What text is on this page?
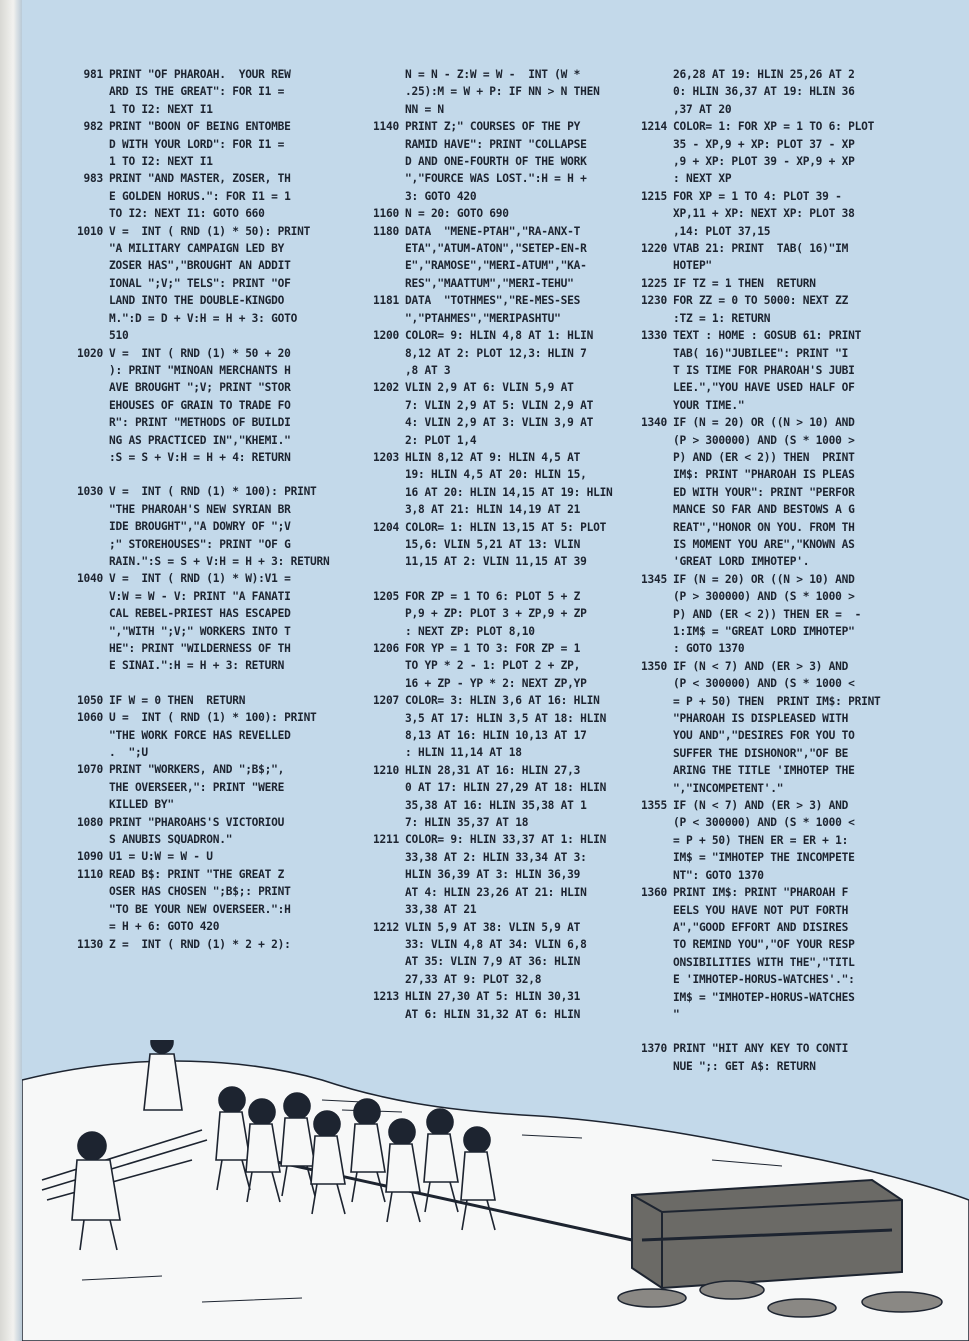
981 PRINT "OF PHAROAH.  YOUR REW
ARD IS THE GREAT": FOR I1 =
1 TO I2: NEXT I1
982 PRINT "BOON OF BEING ENTOMBE
D WITH YOUR LORD": FOR I1 =
1 TO I2: NEXT I1
983 PRINT "AND MASTER, ZOSER, TH
E GOLDEN HORUS.": FOR I1 = 1
TO I2: NEXT I1: GOTO 660
1010 V =  INT ( RND (1) * 50): PRINT
"A MILITARY CAMPAIGN LED BY
ZOSER HAS","BROUGHT AN ADDIT
IONAL ";V;" TELS": PRINT "OF
LAND INTO THE DOUBLE-KINGDO
M.":D = D + V:H = H + 3: GOTO
510
1020 V =  INT ( RND (1) * 50 + 20
): PRINT "MINOAN MERCHANTS H
AVE BROUGHT ";V; PRINT "STOR
EHOUSES OF GRAIN TO TRADE FO
R": PRINT "METHODS OF BUILDI
NG AS PRACTICED IN","KHEMI."
:S = S + V:H = H + 4: RETURN
1030 V =  INT ( RND (1) * 100): PRINT
"THE PHAROAH'S NEW SYRIAN BR
IDE BROUGHT","A DOWRY OF ";V
;" STOREHOUSES": PRINT "OF G
RAIN.":S = S + V:H = H + 3: RETURN
1040 V =  INT ( RND (1) * W):V1 =
V:W = W - V: PRINT "A FANATI
CAL REBEL-PRIEST HAS ESCAPED
","WITH ";V;" WORKERS INTO T
HE": PRINT "WILDERNESS OF TH
E SINAI.":H = H + 3: RETURN
1050 IF W = 0 THEN  RETURN
1060 U =  INT ( RND (1) * 100): PRINT
"THE WORK FORCE HAS REVELLED
.  ";U
1070 PRINT "WORKERS, AND ";B$;",
THE OVERSEER,": PRINT "WERE
KILLED BY"
1080 PRINT "PHAROAHS'S VICTORIOU
S ANUBIS SQUADRON."
1090 U1 = U:W = W - U
1110 READ B$: PRINT "THE GREAT Z
OSER HAS CHOSEN ";B$;: PRINT
"TO BE YOUR NEW OVERSEER.":H
= H + 6: GOTO 420
1130 Z =  INT ( RND (1) * 2 + 2):
N = N - Z:W = W -  INT (W *
.25):M = W + P: IF NN > N THEN
NN = N
1140 PRINT Z;" COURSES OF THE PY
RAMID HAVE": PRINT "COLLAPSE
D AND ONE-FOURTH OF THE WORK
","FOURCE WAS LOST.":H = H +
3: GOTO 420
1160 N = 20: GOTO 690
1180 DATA  "MENE-PTAH","RA-ANX-T
ETA","ATUM-ATON","SETEP-EN-R
E","RAMOSE","MERI-ATUM","KA-
RES","MAATTUM","MERI-TEHU"
1181 DATA  "TOTHMES","RE-MES-SES
","PTAHMES","MERIPASHTU"
1200 COLOR= 9: HLIN 4,8 AT 1: HLIN
8,12 AT 2: PLOT 12,3: HLIN 7
,8 AT 3
1202 VLIN 2,9 AT 6: VLIN 5,9 AT
7: VLIN 2,9 AT 5: VLIN 2,9 AT
4: VLIN 2,9 AT 3: VLIN 3,9 AT
2: PLOT 1,4
1203 HLIN 8,12 AT 9: HLIN 4,5 AT
19: HLIN 4,5 AT 20: HLIN 15,
16 AT 20: HLIN 14,15 AT 19: HLIN
3,8 AT 21: HLIN 14,19 AT 21
1204 COLOR= 1: HLIN 13,15 AT 5: PLOT
15,6: VLIN 5,21 AT 13: VLIN
11,15 AT 2: VLIN 11,15 AT 39
1205 FOR ZP = 1 TO 6: PLOT 5 + Z
P,9 + ZP: PLOT 3 + ZP,9 + ZP
: NEXT ZP: PLOT 8,10
1206 FOR YP = 1 TO 3: FOR ZP = 1
TO YP * 2 - 1: PLOT 2 + ZP,
16 + ZP - YP * 2: NEXT ZP,YP
1207 COLOR= 3: HLIN 3,6 AT 16: HLIN
3,5 AT 17: HLIN 3,5 AT 18: HLIN
8,13 AT 16: HLIN 10,13 AT 17
: HLIN 11,14 AT 18
1210 HLIN 28,31 AT 16: HLIN 27,3
0 AT 17: HLIN 27,29 AT 18: HLIN
35,38 AT 16: HLIN 35,38 AT 1
7: HLIN 35,37 AT 18
1211 COLOR= 9: HLIN 33,37 AT 1: HLIN
33,38 AT 2: HLIN 33,34 AT 3:
HLIN 36,39 AT 3: HLIN 36,39
AT 4: HLIN 23,26 AT 21: HLIN
33,38 AT 21
1212 VLIN 5,9 AT 38: VLIN 5,9 AT
33: VLIN 4,8 AT 34: VLIN 6,8
AT 35: VLIN 7,9 AT 36: HLIN
27,33 AT 9: PLOT 32,8
1213 HLIN 27,30 AT 5: HLIN 30,31
AT 6: HLIN 31,32 AT 6: HLIN
26,28 AT 19: HLIN 25,26 AT 2
0: HLIN 36,37 AT 19: HLIN 36
,37 AT 20
1214 COLOR= 1: FOR XP = 1 TO 6: PLOT
35 - XP,9 + XP: PLOT 37 - XP
,9 + XP: PLOT 39 - XP,9 + XP
: NEXT XP
1215 FOR XP = 1 TO 4: PLOT 39 -
XP,11 + XP: NEXT XP: PLOT 38
,14: PLOT 37,15
1220 VTAB 21: PRINT  TAB( 16)"IM
HOTEP"
1225 IF TZ = 1 THEN  RETURN
1230 FOR ZZ = 0 TO 5000: NEXT ZZ
:TZ = 1: RETURN
1330 TEXT : HOME : GOSUB 61: PRINT
TAB( 16)"JUBILEE": PRINT "I
T IS TIME FOR PHAROAH'S JUBI
LEE.","YOU HAVE USED HALF OF
YOUR TIME."
1340 IF (N = 20) OR ((N > 10) AND
(P > 300000) AND (S * 1000 >
P) AND (ER < 2)) THEN  PRINT
IM$: PRINT "PHAROAH IS PLEAS
ED WITH YOUR": PRINT "PERFOR
MANCE SO FAR AND BESTOWS A G
REAT","HONOR ON YOU. FROM TH
IS MOMENT YOU ARE","KNOWN AS
'GREAT LORD IMHOTEP'.
1345 IF (N = 20) OR ((N > 10) AND
(P > 300000) AND (S * 1000 >
P) AND (ER < 2)) THEN ER =  -
1:IM$ = "GREAT LORD IMHOTEP"
: GOTO 1370
1350 IF (N < 7) AND (ER > 3) AND
(P < 300000) AND (S * 1000 <
= P + 50) THEN  PRINT IM$: PRINT
"PHAROAH IS DISPLEASED WITH
YOU AND","DESIRES FOR YOU TO
SUFFER THE DISHONOR","OF BE
ARING THE TITLE 'IMHOTEP THE
","INCOMPETENT'."
1355 IF (N < 7) AND (ER > 3) AND
(P < 300000) AND (S * 1000 <
= P + 50) THEN ER = ER + 1:
IM$ = "IMHOTEP THE INCOMPETE
NT": GOTO 1370
1360 PRINT IM$: PRINT "PHAROAH F
EELS YOU HAVE NOT PUT FORTH
A","GOOD EFFORT AND DISIRES
TO REMIND YOU","OF YOUR RESP
ONSIBILITIES WITH THE","TITL
E 'IMHOTEP-HORUS-WATCHES'.":
IM$ = "IMHOTEP-HORUS-WATCHES
"
1370 PRINT "HIT ANY KEY TO CONTI
NUE ";: GET A$: RETURN
